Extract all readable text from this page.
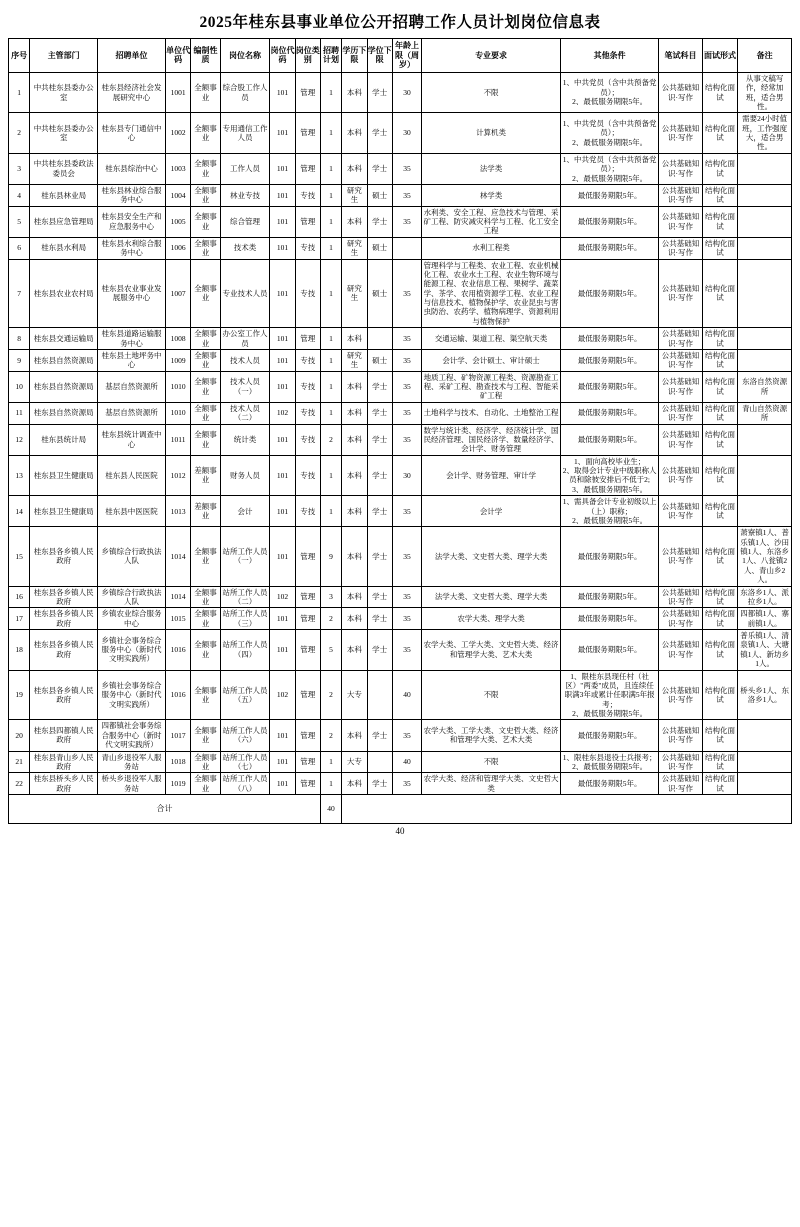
2025年桂东县事业单位公开招聘工作人员计划岗位信息表
序号	主管部门	招聘单位	单位代码	编制性质	岗位名称	岗位代码	岗位类别	招聘计划	学历下限	学位下限	年龄上限（周岁）	专业要求	其他条件	笔试科目	面试形式	备注
1	中共桂东县委办公室	桂东县经济社会发展研究中心	1001	全额事业	综合股工作人员	101	管理	1	本科	学士	30	不限	1、中共党员（含中共预备党员）；
2、最低服务期限5年。	公共基础知识·写作	结构化面试	从事文稿写作，经常加班，适合男性。
2	中共桂东县委办公室	桂东县专门通信中心	1002	全额事业	专用通信工作人员	101	管理	1	本科	学士	30	计算机类	1、中共党员（含中共预备党员）；
2、最低服务期限5年。	公共基础知识·写作	结构化面试	需要24小时值班，工作强度大，适合男性。
3	中共桂东县委政法委员会	桂东县综治中心	1003	全额事业	工作人员	101	管理	1	本科	学士	35	法学类	1、中共党员（含中共预备党员）；
2、最低服务期限5年。	公共基础知识·写作	结构化面试	
4	桂东县林业局	桂东县林业综合服务中心	1004	全额事业	林业专技	101	专技	1	研究生	硕士	35	林学类	最低服务期限5年。	公共基础知识·写作	结构化面试	
5	桂东县应急管理局	桂东县安全生产和应急服务中心	1005	全额事业	综合管理	101	管理	1	本科	学士	35	水利类、安全工程、应急技术与管理、采矿工程、防灾减灾科学与工程、化工安全工程	最低服务期限5年。	公共基础知识·写作	结构化面试	
6	桂东县水利局	桂东县水利综合服务中心	1006	全额事业	技术类	101	专技	1	研究生	硕士		水利工程类	最低服务期限5年。	公共基础知识·写作	结构化面试	
7	桂东县农业农村局	桂东县农业事业发展服务中心	1007	全额事业	专业技术人员	101	专技	1	研究生	硕士	35	管理科学与工程类、农业工程、农业机械化工程、农业水土工程、农业生物环境与能源工程、农业信息工程、果树学、蔬菜学、茶学、农用植资源学工程、农业工程与信息技术、植物保护学、农业昆虫与害虫防治、农药学、植物病理学、资源利用与植物保护	最低服务期限5年。	公共基础知识·写作	结构化面试	
8	桂东县交通运输局	桂东县道路运输服务中心	1008	全额事业	办公室工作人员	101	管理	1	本科		35	交通运输、渠道工程、渠空航天类	最低服务期限5年。	公共基础知识·写作	结构化面试	
9	桂东县自然资源局	桂东县土地坪务中心	1009	全额事业	技术人员	101	专技	1	研究生	硕士	35	会计学、会计硕士、审计硕士	最低服务期限5年。	公共基础知识·写作	结构化面试	
10	桂东县自然资源局	基层自然资源所	1010	全额事业	技术人员（一）	101	专技	1	本科	学士	35	地质工程、矿物资源工程类、资源勘查工程、采矿工程、勘查技术与工程、智能采矿工程	最低服务期限5年。	公共基础知识·写作	结构化面试	东洛自然资源所
11	桂东县自然资源局	基层自然资源所	1010	全额事业	技术人员（二）	102	专技	1	本科	学士	35	土地科学与技术、自动化、土地整治工程	最低服务期限5年。	公共基础知识·写作	结构化面试	青山自然资源所
12	桂东县统计局	桂东县统计调查中心	1011	全额事业	统计类	101	专技	2	本科	学士	35	数学与统计类、经济学、经济统计学、国民经济管理、国民经济学、数量经济学、会计学、财务管理	最低服务期限5年。	公共基础知识·写作	结构化面试	
13	桂东县卫生健康局	桂东县人民医院	1012	差额事业	财务人员	101	专技	1	本科	学士	30	会计学、财务管理、审计学	1、面向高校毕业生；
2、取得会计专业中级职称人员和除彼安排后不低于2;
3、最低服务期限5年。	公共基础知识·写作	结构化面试	
14	桂东县卫生健康局	桂东县中医医院	1013	差额事业	会计	101	专技	1	本科	学士	35	会计学	1、需具备会计专业初级以上（上）职称；
2、最低服务期限5年。	公共基础知识·写作	结构化面试	
15	桂东县各乡镇人民政府	乡镇综合行政执法人队	1014	全额事业	站所工作人员（一）	101	管理	9	本科	学士	35	法学大类、文史哲大类、理学大类	最低服务期限5年。	公共基础知识·写作	结构化面试	萧寮镇1人、普乐镇1人、沙田镇1人、东洛乡1人、八瓮镇2人、青山乡2人。
16	桂东县各乡镇人民政府	乡镇综合行政执法人队	1014	全额事业	站所工作人员（二）	102	管理	3	本科	学士	35	法学大类、文史哲大类、理学大类	最低服务期限5年。	公共基础知识·写作	结构化面试	东洛乡1人、派拉乡1人。
17	桂东县各乡镇人民政府	乡镇农业综合服务中心	1015	全额事业	站所工作人员（三）	101	管理	2	本科	学士	35	农学大类、理学大类	最低服务期限5年。	公共基础知识·写作	结构化面试	四都镇1人、寨前镇1人。
18	桂东县各乡镇人民政府	乡镇社会事务综合服务中心（新时代文明实践所）	1016	全额事业	站所工作人员（四）	101	管理	5	本科	学士	35	农学大类、工学大类、文史哲大类、经济和管理学大类、艺术大类	最低服务期限5年。	公共基础知识·写作	结构化面试	普乐镇1人、清泉镇1人、大塘镇1人、新坊乡1人。
19	桂东县各乡镇人民政府	乡镇社会事务综合服务中心（新时代文明实践所）	1016	全额事业	站所工作人员（五）	102	管理	2	大专		40	不限	1、限桂东县现任村（社区）"两委"成员，且连续任职满3年或累计任职满5年报考；
2、最低服务期限5年。	公共基础知识·写作	结构化面试	桥头乡1人、东洛乡1人。
20	桂东县四都镇人民政府	四都镇社会事务综合服务中心（新时代文明实践所）	1017	全额事业	站所工作人员（六）	101	管理	2	本科	学士	35	农学大类、工学大类、文史哲大类、经济和管理学大类、艺术大类	最低服务期限5年。	公共基础知识·写作	结构化面试	
21	桂东县青山乡人民政府	青山乡退役军人服务站	1018	全额事业	站所工作人员（七）	101	管理	1	大专		40	不限	1、限桂东县退役士兵报考；
2、最低服务期限5年。	公共基础知识·写作	结构化面试	
22	桂东县桥头乡人民政府	桥头乡退役军人服务站	1019	全额事业	站所工作人员（八）	101	管理	1	本科	学士	35	农学大类、经济和管理学大类、文史哲大类	最低服务期限5年。	公共基础知识·写作	结构化面试	
合计								40								
40
